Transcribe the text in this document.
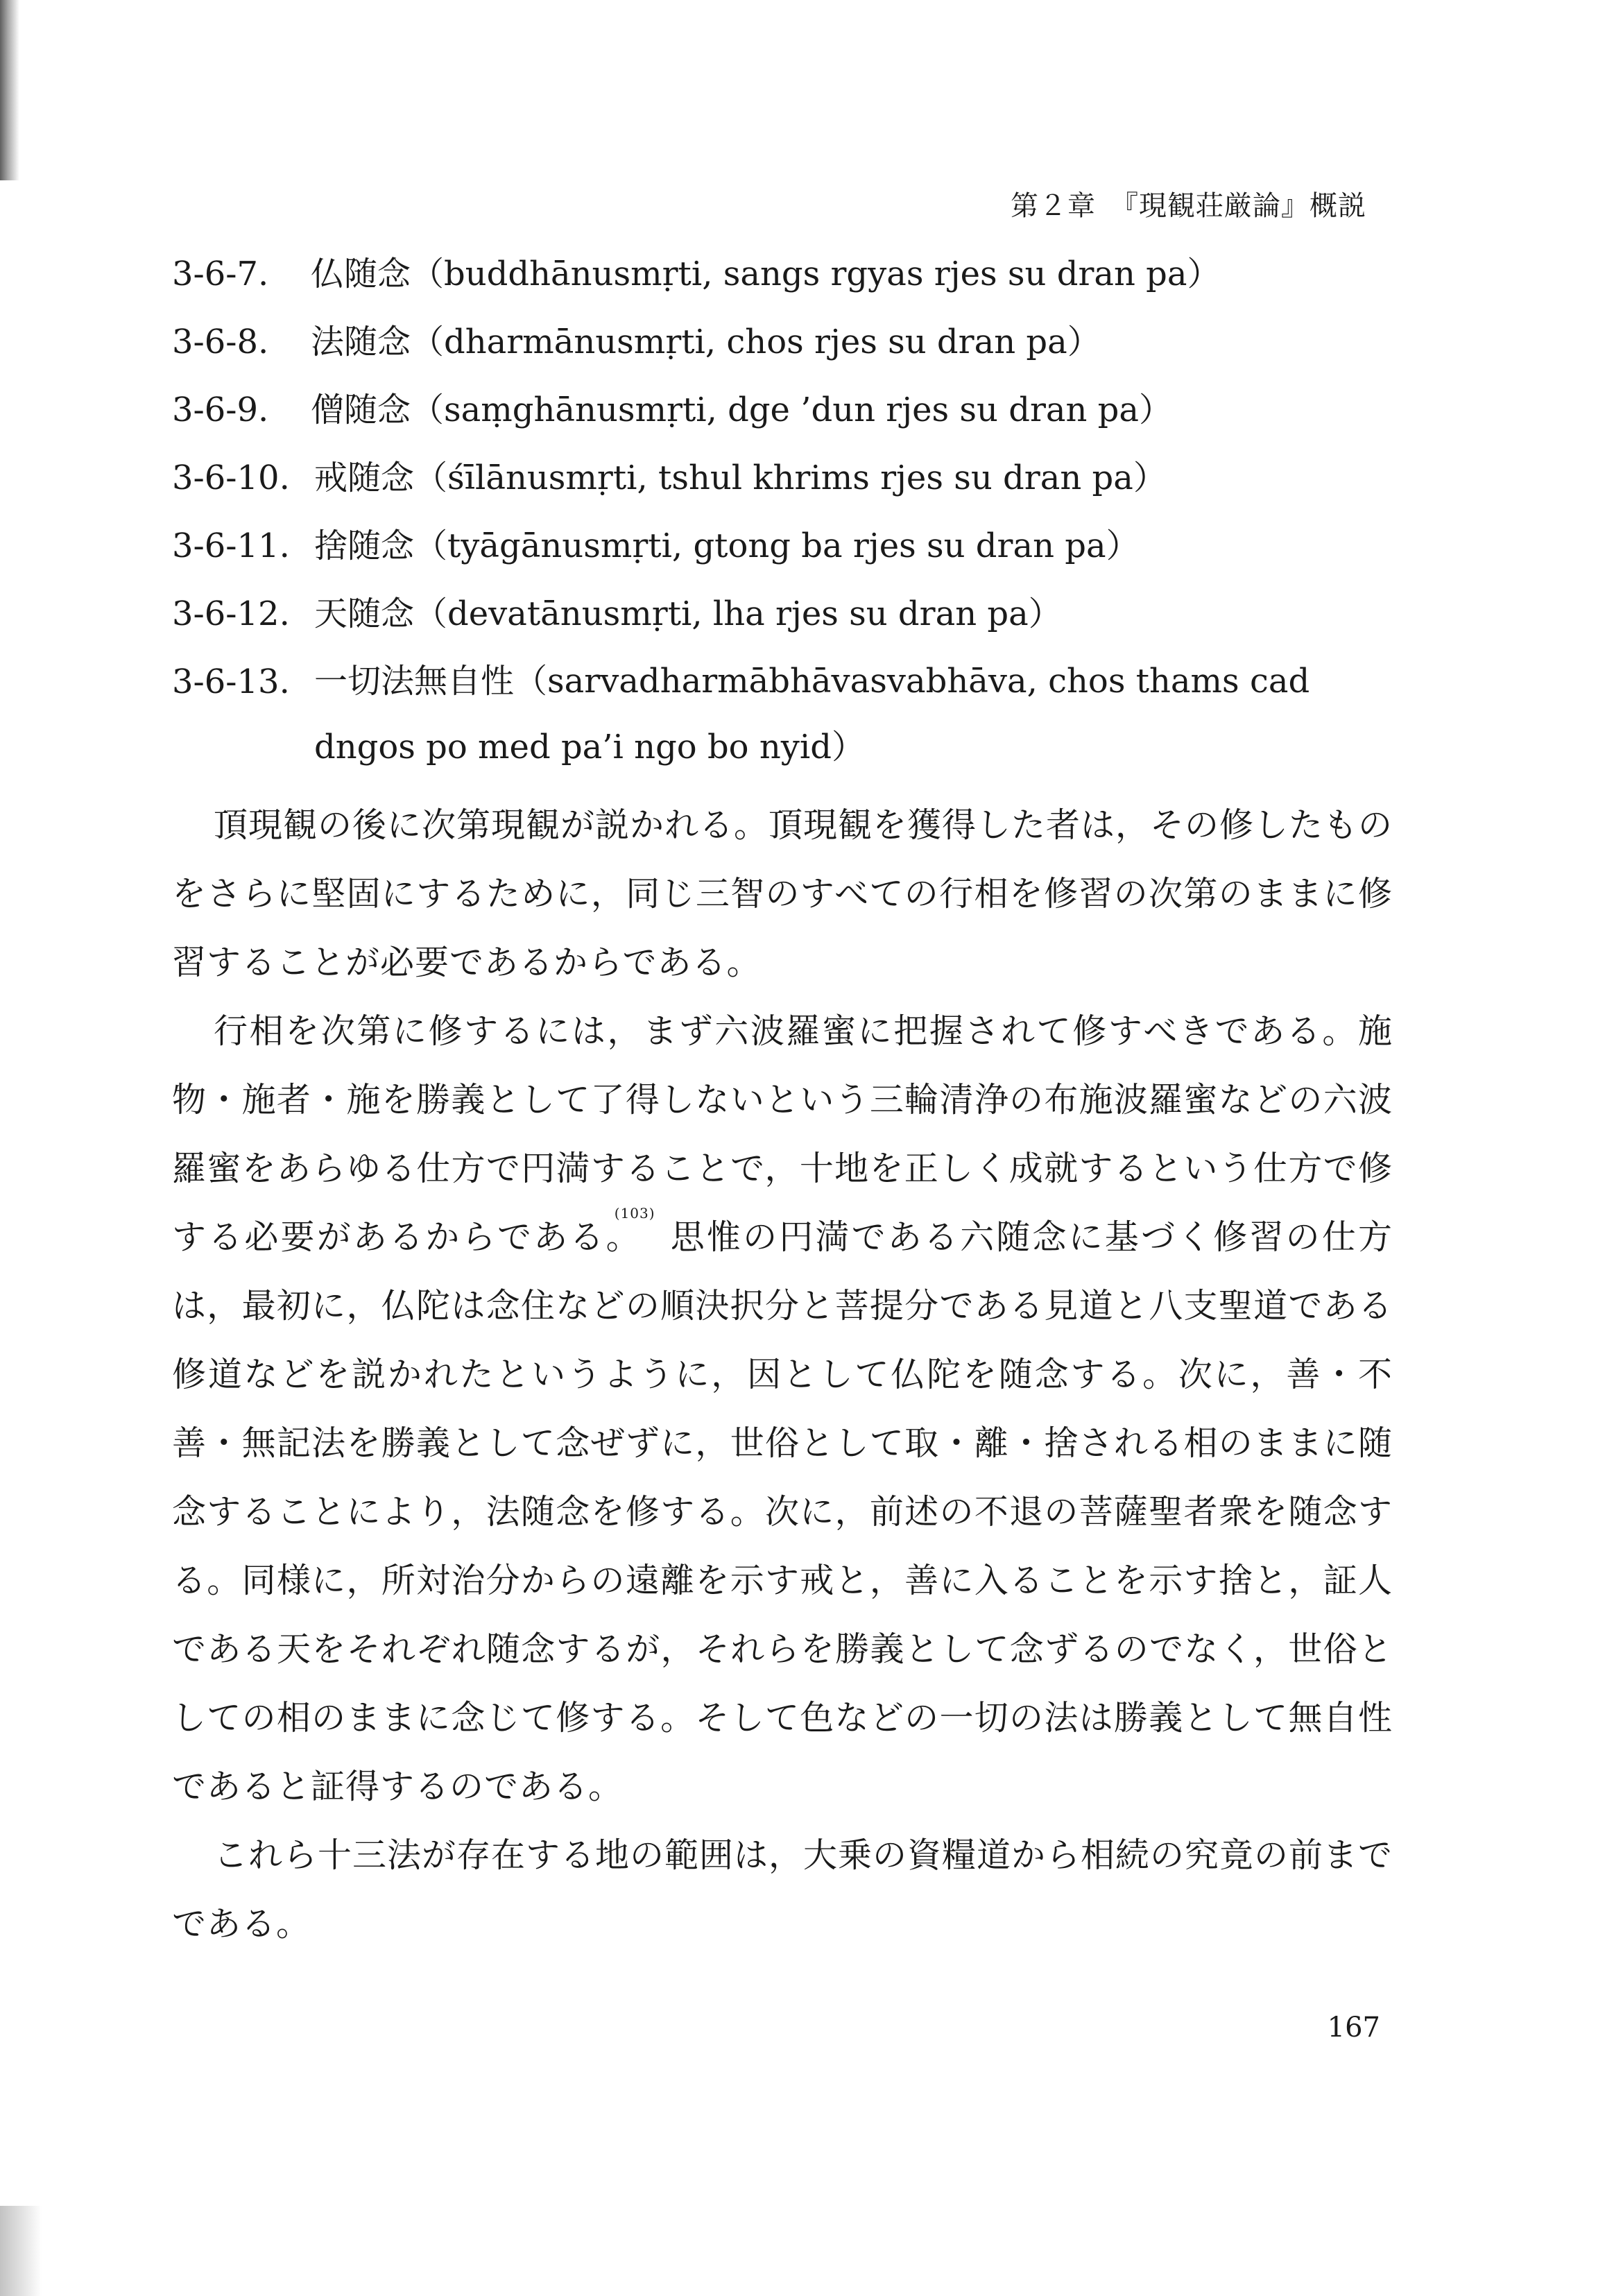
第２章　『現観荘厳論』概説
3-6-7. 仏随念（buddhānusmṛti, sangs rgyas rjes su dran pa）
3-6-8. 法随念（dharmānusmṛti, chos rjes su dran pa）
3-6-9. 僧随念（saṃghānusmṛti, dge ’dun rjes su dran pa）
3-6-10. 戒随念（śīlānusmṛti, tshul khrims rjes su dran pa）
3-6-11. 捨随念（tyāgānusmṛti, gtong ba rjes su dran pa）
3-6-12. 天随念（devatānusmṛti, lha rjes su dran pa）
3-6-13. 一切法無自性（sarvadharmābhāvasvabhāva, chos thams cad dngos po med pa’i ngo bo nyid）

頂現観の後に次第現観が説かれる。頂現観を獲得した者は，その修したものをさらに堅固にするために，同じ三智のすべての行相を修習の次第のままに修習することが必要であるからである。

行相を次第に修するには，まず六波羅蜜に把握されて修すべきである。施物・施者・施を勝義として了得しないという三輪清浄の布施波羅蜜などの六波羅蜜をあらゆる仕方で円満することで，十地を正しく成就するという仕方で修する必要があるからである。$^{(103)}$思惟の円満である六随念に基づく修習の仕方は，最初に，仏陀は念住などの順決択分と菩提分である見道と八支聖道である修道などを説かれたというように，因として仏陀を随念する。次に，善・不善・無記法を勝義として念ぜずに，世俗として取・離・捨される相のままに随念することにより，法随念を修する。次に，前述の不退の菩薩聖者衆を随念する。同様に，所対治分からの遠離を示す戒と，善に入ることを示す捨と，証人である天をそれぞれ随念するが，それらを勝義として念ずるのでなく，世俗としての相のままに念じて修する。そして色などの一切の法は勝義として無自性であると証得するのである。

これら十三法が存在する地の範囲は，大乗の資糧道から相続の究竟の前までである。

167
